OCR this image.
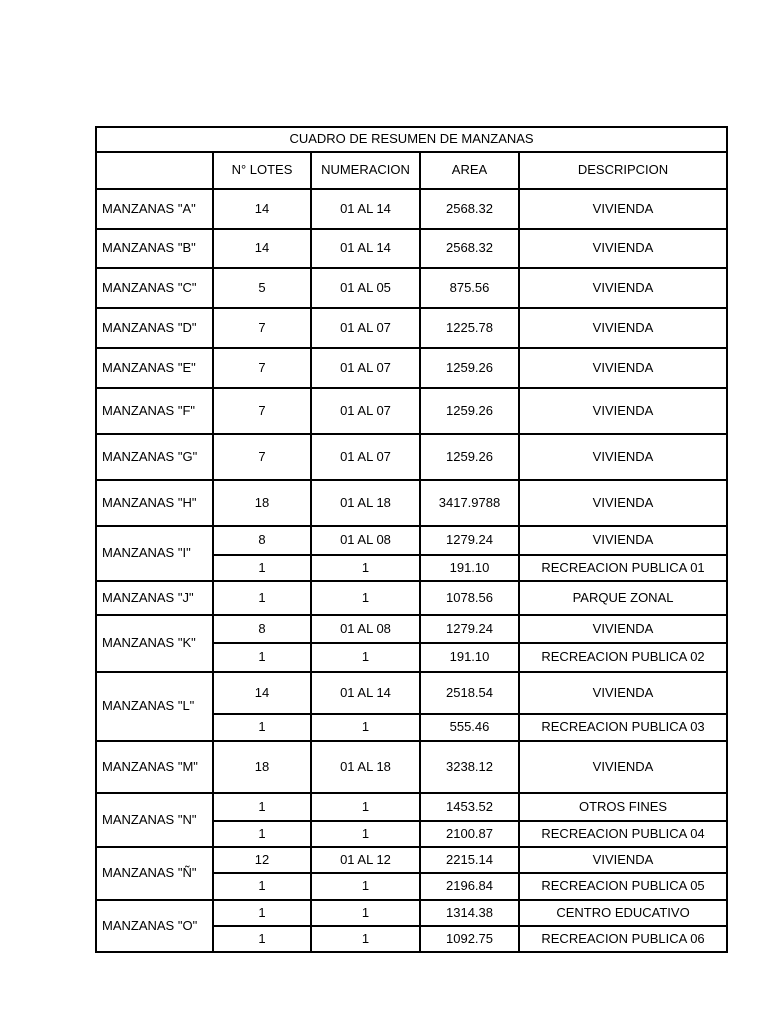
CUADRO DE RESUMEN DE MANZANAS				
	N° LOTES	NUMERACION	AREA	DESCRIPCION
MANZANAS "A"	14	01 AL 14	2568.32	VIVIENDA
MANZANAS "B"	14	01 AL 14	2568.32	VIVIENDA
MANZANAS "C"	5	01 AL 05	875.56	VIVIENDA
MANZANAS "D"	7	01 AL 07	1225.78	VIVIENDA
MANZANAS "E"	7	01 AL 07	1259.26	VIVIENDA
MANZANAS "F"	7	01 AL 07	1259.26	VIVIENDA
MANZANAS "G"	7	01 AL 07	1259.26	VIVIENDA
MANZANAS "H"	18	01 AL 18	3417.9788	VIVIENDA
MANZANAS "I"	8	01 AL 08	1279.24	VIVIENDA
	1	1	191.10	RECREACION PUBLICA 01
MANZANAS "J"	1	1	1078.56	PARQUE ZONAL
MANZANAS "K"	8	01 AL 08	1279.24	VIVIENDA
	1	1	191.10	RECREACION PUBLICA 02
MANZANAS "L"	14	01 AL 14	2518.54	VIVIENDA
	1	1	555.46	RECREACION PUBLICA 03
MANZANAS "M"	18	01 AL 18	3238.12	VIVIENDA
MANZANAS "N"	1	1	1453.52	OTROS FINES
	1	1	2100.87	RECREACION PUBLICA 04
MANZANAS "Ñ"	12	01 AL 12	2215.14	VIVIENDA
	1	1	2196.84	RECREACION PUBLICA 05
MANZANAS "O"	1	1	1314.38	CENTRO EDUCATIVO
	1	1	1092.75	RECREACION PUBLICA 06
